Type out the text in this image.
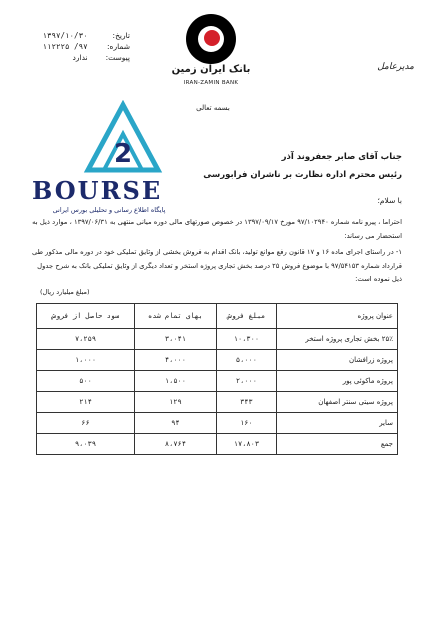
تاریخ: ۱۳۹۷/۱۰/۳۰
شماره: ۹۷/ ۱۱۲۲۲۵
پیوست: ندارد
بانک ایران زمین
IRAN-ZAMIN BANK
مدیرعامل
بسمه تعالی
2
BOURSE
پایگاه اطلاع رسانی و تحلیلی بورس ایرانی
جناب آقای صابر جعفروند آذر
رئیس محترم اداره نظارت بر ناشران فرابورسی
با سلام؛
احتراما ، پیرو نامه شماره ۹۷/۱۰۲۹۴۰ مورخ ۱۳۹۷/۰۹/۱۷ در خصوص صورتهای مالی دوره میانی منتهی به ۱۳۹۷/۰۶/۳۱ ، موارد ذیل به استحضار می رساند:
۱- در راستای اجرای ماده ۱۶ و ۱۷ قانون رفع موانع تولید، بانک اقدام به فروش بخشی از وثایق تملیکی خود در دوره مالی مذکور طی قرارداد شماره ۹۷/۵۴۱۵۳ با موضوع فروش ۲۵ درصد بخش تجاری پروژه استخر و تعداد دیگری از وثایق تملیکی بانک به شرح جدول ذیل نموده است:
(مبلغ میلیارد ریال)
عنوان پروژه	مبلغ فروش	بهای تمام شده	سود حاصل از فروش
۲۵٪ بخش تجاری پروژه استخر	۱۰،۳۰۰	۳،۰۴۱	۷،۲۵۹
پروژه زرافشان	۵،۰۰۰	۴،۰۰۰	۱،۰۰۰
پروژه ماکوئی پور	۲،۰۰۰	۱،۵۰۰	۵۰۰
پروژه سیتی سنتر اصفهان	۳۴۳	۱۲۹	۲۱۴
سایر	۱۶۰	۹۴	۶۶
جمع	۱۷،۸۰۳	۸،۷۶۴	۹،۰۳۹
